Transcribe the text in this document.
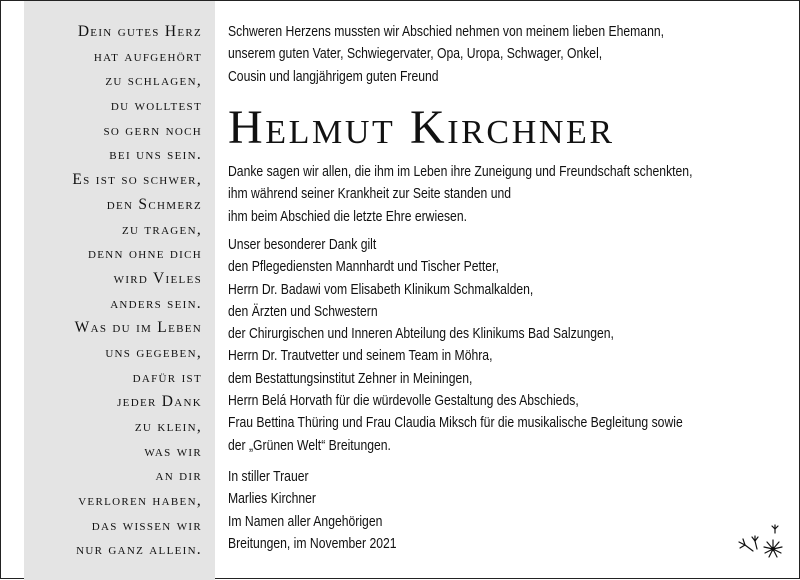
Dein gutes Herz
hat aufgehört
zu schlagen,
du wolltest
so gern noch
bei uns sein.
Es ist so schwer,
den Schmerz
zu tragen,
denn ohne dich
wird Vieles
anders sein.
Was du im Leben
uns gegeben,
dafür ist
jeder Dank
zu klein,
was wir
an dir
verloren haben,
das wissen wir
nur ganz allein.
Schweren Herzens mussten wir Abschied nehmen von meinem lieben Ehemann,
unserem guten Vater, Schwiegervater, Opa, Uropa, Schwager, Onkel,
Cousin und langjährigem guten Freund
Helmut Kirchner
Danke sagen wir allen, die ihm im Leben ihre Zuneigung und Freundschaft schenkten,
ihm während seiner Krankheit zur Seite standen und
ihm beim Abschied die letzte Ehre erwiesen.
Unser besonderer Dank gilt
den Pflegediensten Mannhardt und Tischer Petter,
Herrn Dr. Badawi vom Elisabeth Klinikum Schmalkalden,
den Ärzten und Schwestern
der Chirurgischen und Inneren Abteilung des Klinikums Bad Salzungen,
Herrn Dr. Trautvetter und seinem Team in Möhra,
dem Bestattungsinstitut Zehner in Meiningen,
Herrn Belá Horvath für die würdevolle Gestaltung des Abschieds,
Frau Bettina Thüring und Frau Claudia Miksch für die musikalische Begleitung sowie
der „Grünen Welt“ Breitungen.
In stiller Trauer
Marlies Kirchner
Im Namen aller Angehörigen
Breitungen, im November 2021
